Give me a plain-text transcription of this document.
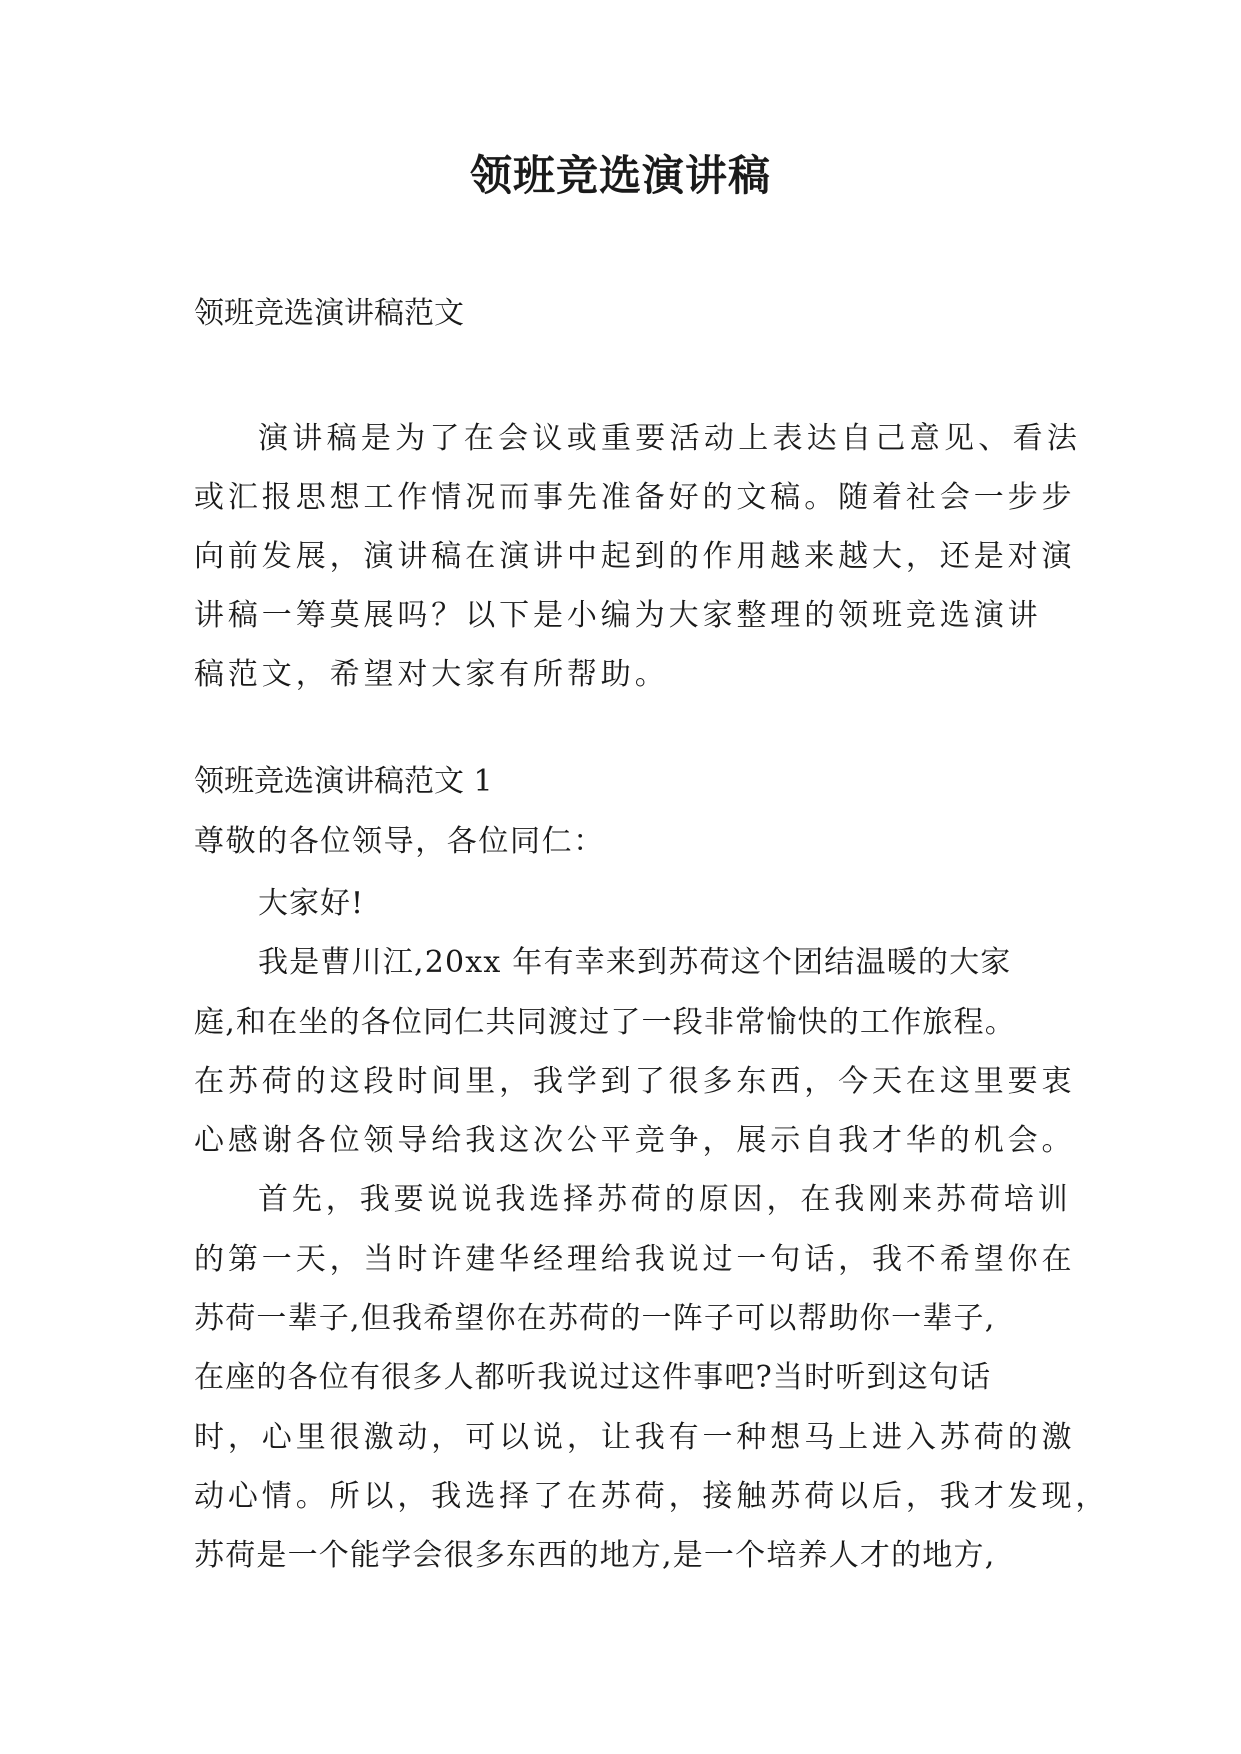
领班竞选演讲稿
领班竞选演讲稿范文
演讲稿是为了在会议或重要活动上表达自己意见、看法
或汇报思想工作情况而事先准备好的文稿。随着社会一步步
向前发展，演讲稿在演讲中起到的作用越来越大，还是对演
讲稿一筹莫展吗？以下是小编为大家整理的领班竞选演讲
稿范文，希望对大家有所帮助。
领班竞选演讲稿范文 1
尊敬的各位领导，各位同仁：
大家好!
我是曹川江,20xx 年有幸来到苏荷这个团结温暖的大家
庭,和在坐的各位同仁共同渡过了一段非常愉快的工作旅程。
在苏荷的这段时间里，我学到了很多东西，今天在这里要衷
心感谢各位领导给我这次公平竞争，展示自我才华的机会。
首先，我要说说我选择苏荷的原因，在我刚来苏荷培训
的第一天，当时许建华经理给我说过一句话，我不希望你在
苏荷一辈子,但我希望你在苏荷的一阵子可以帮助你一辈子,
在座的各位有很多人都听我说过这件事吧?当时听到这句话
时，心里很激动，可以说，让我有一种想马上进入苏荷的激
动心情。所以，我选择了在苏荷，接触苏荷以后，我才发现，
苏荷是一个能学会很多东西的地方,是一个培养人才的地方,
